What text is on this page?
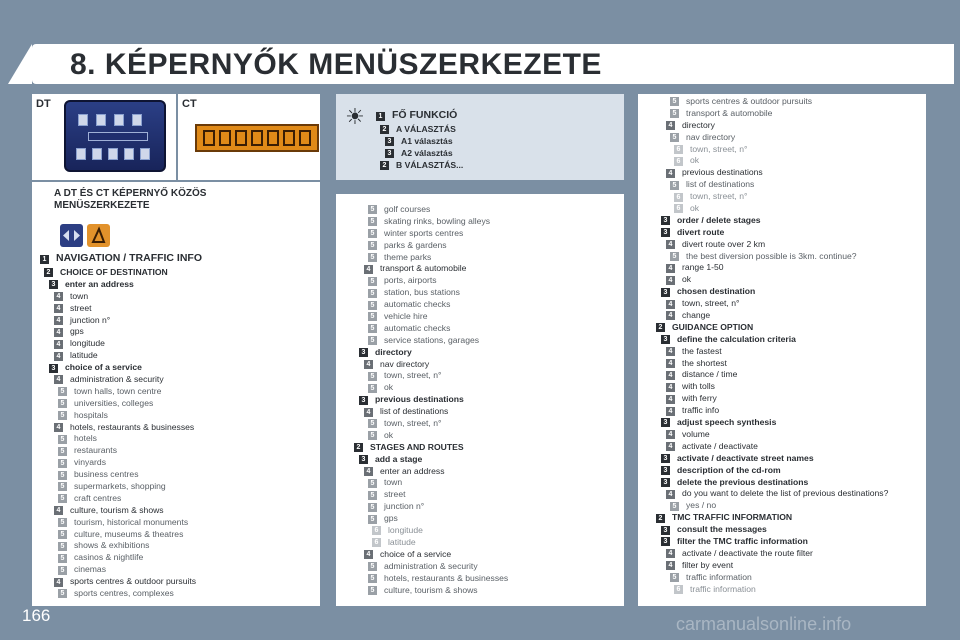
8. KÉPERNYŐK MENÜSZERKEZETE
DT	CT	☀	1 FŐ FUNKCIÓ
2 A VÁLASZTÁS
3 A1 választás
3 A2 választás
2 B VÁLASZTÁS...
A DT ÉS CT KÉPERNYŐ KÖZÖS
MENÜSZERKEZETE
1 NAVIGATION / TRAFFIC INFO
2 CHOICE OF DESTINATION
3 enter an address
4 town
4 street
4 junction n°
4 gps
4 longitude
4 latitude
3 choice of a service
4 administration & security
5 town halls, town centre
5 universities, colleges
5 hospitals
4 hotels, restaurants & businesses
5 hotels
5 restaurants
5 vinyards
5 business centres
5 supermarkets, shopping
5 craft centres
4 culture, tourism & shows
5 tourism, historical monuments
5 culture, museums & theatres
5 shows & exhibitions
5 casinos & nightlife
5 cinemas
4 sports centres & outdoor pursuits
5 sports centres, complexes
5 golf courses
5 skating rinks, bowling alleys
5 winter sports centres
5 parks & gardens
5 theme parks
4 transport & automobile
5 ports, airports
5 station, bus stations
5 automatic checks
5 vehicle hire
5 automatic checks
5 service stations, garages
3 directory
4 nav directory
5 town, street, n°
5 ok
3 previous destinations
4 list of destinations
5 town, street, n°
5 ok
2 STAGES AND ROUTES
3 add a stage
4 enter an address
5 town
5 street
5 junction n°
5 gps
6 longitude
6 latitude
4 choice of a service
5 administration & security
5 hotels, restaurants & businesses
5 culture, tourism & shows
5 sports centres & outdoor pursuits
5 transport & automobile
4 directory
5 nav directory
6 town, street, n°
6 ok
4 previous destinations
5 list of destinations
6 town, street, n°
6 ok
3 order / delete stages
3 divert route
4 divert route over 2 km
5 the best diversion possible is 3km. continue?
4 range 1-50
4 ok
3 chosen destination
4 town, street, n°
4 change
2 GUIDANCE OPTION
3 define the calculation criteria
4 the fastest
4 the shortest
4 distance / time
4 with tolls
4 with ferry
4 traffic info
3 adjust speech synthesis
4 volume
4 activate / deactivate
3 activate / deactivate street names
3 description of the cd-rom
3 delete the previous destinations
4 do you want to delete the list of previous destinations?
5 yes / no
2 TMC TRAFFIC INFORMATION
3 consult the messages
3 filter the TMC traffic information
4 activate / deactivate the route filter
4 filter by event
5 traffic information
6 traffic information
166	carmanualsonline.info
